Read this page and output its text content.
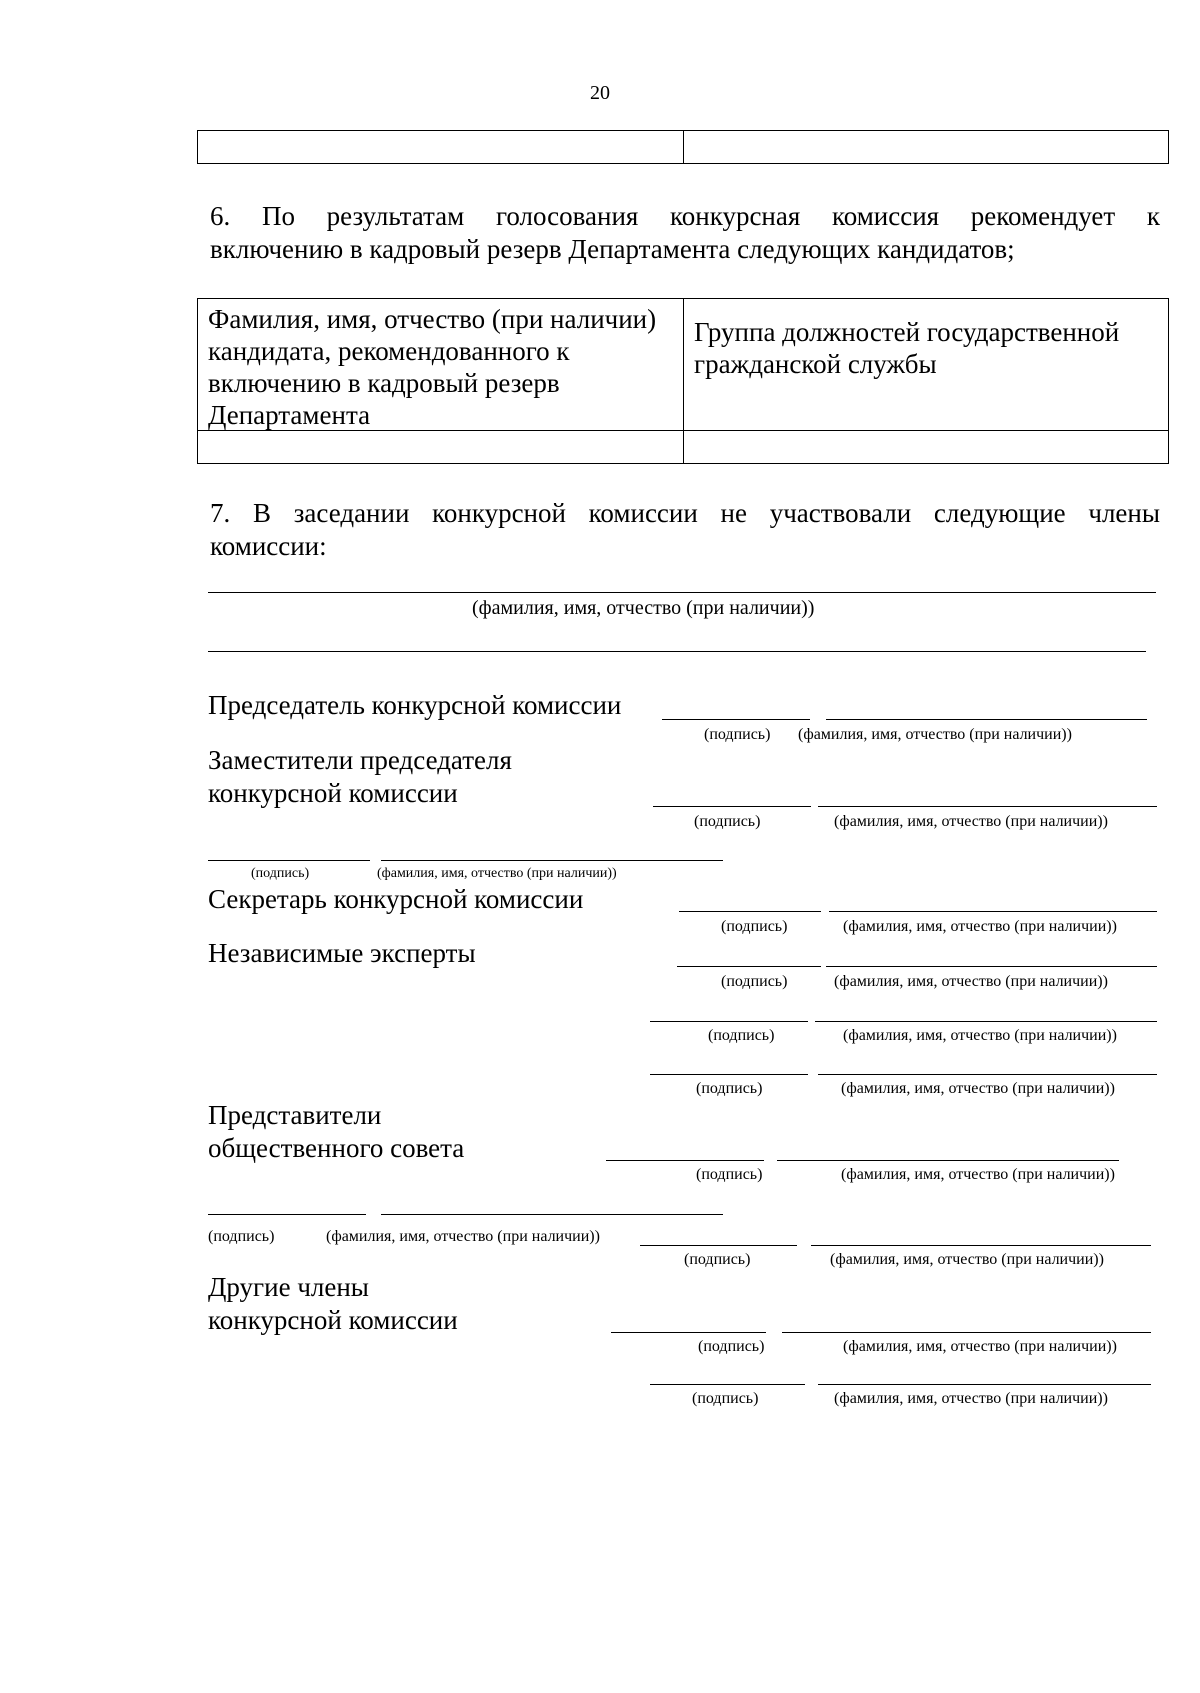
20
6. По результатам голосования конкурсная комиссия рекомендует к
включению в кадровый резерв Департамента следующих кандидатов;
Фамилия, имя, отчество (при наличии) кандидата, рекомендованного к включению в кадровый резерв Департамента
Группа должностей государственной гражданской службы
7. В заседании конкурсной комиссии не участвовали следующие члены
комиссии:
(фамилия, имя, отчество (при наличии))
Председатель конкурсной комиссии
(подпись) (фамилия, имя, отчество (при наличии))
Заместители председателя
конкурсной комиссии
(подпись)	(фамилия, имя, отчество (при наличии))
(подпись)	(фамилия, имя, отчество (при наличии))
Секретарь конкурсной комиссии
(подпись)	(фамилия, имя, отчество (при наличии))
Независимые эксперты
(подпись)	(фамилия, имя, отчество (при наличии))
(подпись)	(фамилия, имя, отчество (при наличии))
(подпись)	(фамилия, имя, отчество (при наличии))
Представители
общественного совета
(подпись)	(фамилия, имя, отчество (при наличии))
(подпись)	(фамилия, имя, отчество (при наличии))
(подпись)	(фамилия, имя, отчество (при наличии))
Другие члены
конкурсной комиссии
(подпись)	(фамилия, имя, отчество (при наличии))
(подпись)	(фамилия, имя, отчество (при наличии))
